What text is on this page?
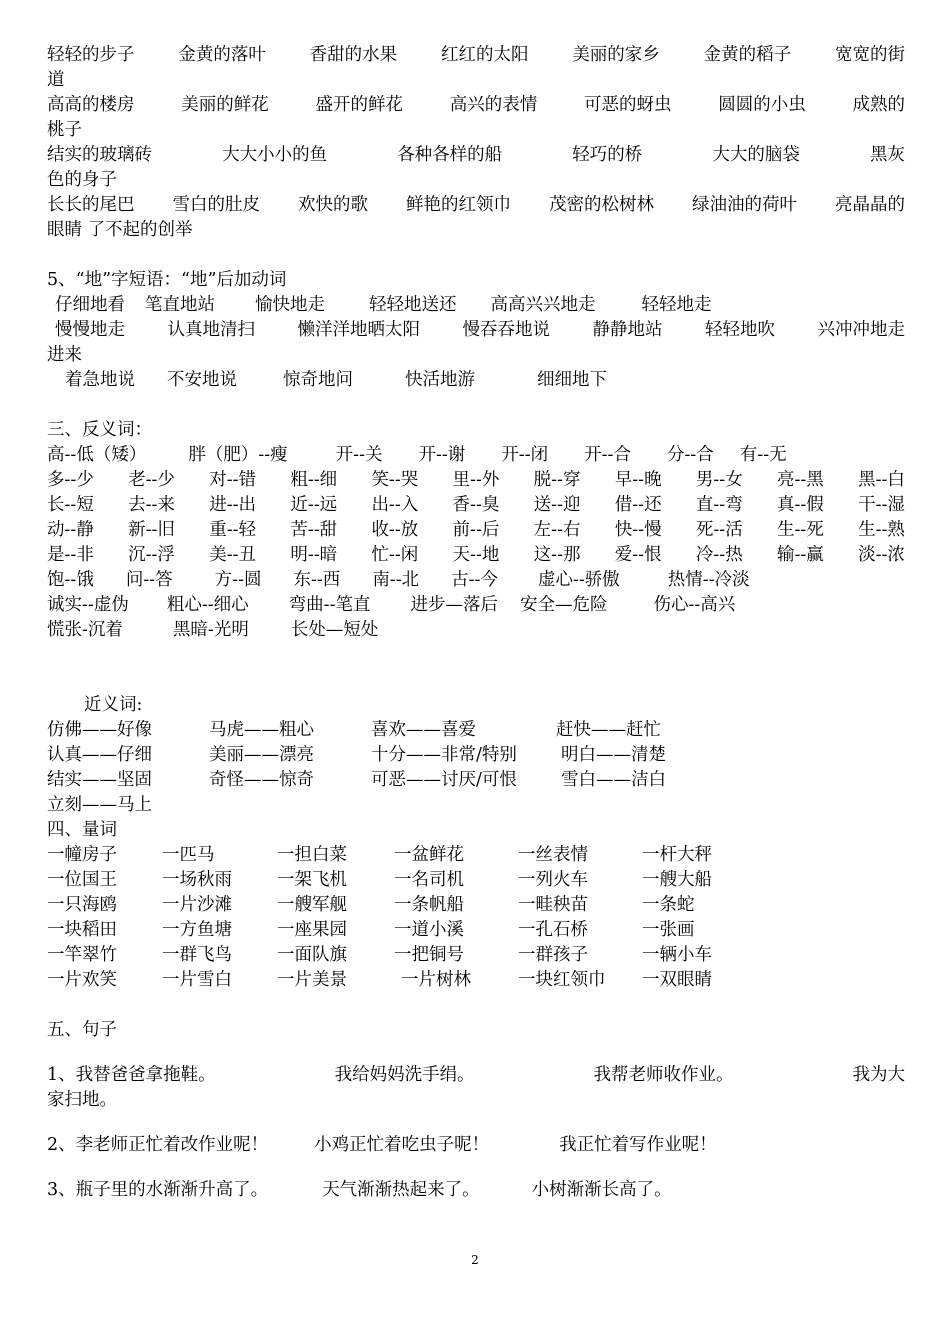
轻轻的步子	金黄的落叶	香甜的水果	红红的太阳	美丽的家乡	金黄的稻子	宽宽的街
道
高高的楼房	美丽的鲜花	盛开的鲜花	高兴的表情	可恶的蚜虫	圆圆的小虫	成熟的
桃子
结实的玻璃砖	大大小小的鱼	各种各样的船	轻巧的桥	大大的脑袋	黑灰
色的身子
长长的尾巴 雪白的肚皮 欢快的歌 鲜艳的红领巾 茂密的松树林 绿油油的荷叶 亮晶晶的
眼睛 了不起的创举
5、“地”字短语：“地”后加动词
仔细地看 笔直地站 愉快地走	轻轻地送还 高高兴兴地走	轻轻地走
慢慢地走 认真地清扫 懒洋洋地晒太阳 慢吞吞地说 静静地站 轻轻地吹 兴冲冲地走
进来
着急地说 不安地说	惊奇地问	快活地游	细细地下
三、反义词：
高--低（矮） 胖（肥）--瘦	开--关 开--谢 开--闭 开--合 分--合 有--无
多--少 老--少 对--错 粗--细 笑--哭 里--外 脱--穿 早--晚 男--女 亮--黑 黑--白
长--短 去--来 进--出 近--远 出--入 香--臭 送--迎 借--还 直--弯 真--假 干--湿
动--静 新--旧 重--轻 苦--甜 收--放 前--后 左--右 快--慢 死--活 生--死 生--熟
是--非 沉--浮 美--丑 明--暗 忙--闲 天--地 这--那 爱--恨 冷--热 输--赢 淡--浓
饱--饿 问--答 方--圆 东--西 南--北 古--今 虚心--骄傲	热情--冷淡
诚实--虚伪 粗心--细心 弯曲--笔直 进步—落后 安全—危险	伤心--高兴
慌张-沉着	黑暗-光明 长处—短处
近义词:
仿佛——好像	马虎——粗心	喜欢——喜爱	赶快——赶忙
认真——仔细	美丽——漂亮	十分——非常/特别	明白——清楚
结实——坚固	奇怪——惊奇	可恶——讨厌/可恨	雪白——洁白
立刻——马上
四、量词
一幢房子	一匹马	一担白菜	一盆鲜花	一丝表情	一杆大秤
一位国王	一场秋雨	一架飞机	一名司机	一列火车	一艘大船
一只海鸥	一片沙滩	一艘军舰	一条帆船	一畦秧苗	一条蛇
一块稻田	一方鱼塘	一座果园	一道小溪	一孔石桥	一张画
一竿翠竹	一群飞鸟	一面队旗	一把铜号	一群孩子	一辆小车
一片欢笑	一片雪白	一片美景	一片树林	一块红领巾	一双眼睛
五、句子
1、我替爸爸拿拖鞋。	我给妈妈洗手绢。	我帮老师收作业。	我为大
家扫地。
2、李老师正忙着改作业呢！	小鸡正忙着吃虫子呢！	我正忙着写作业呢！
3、瓶子里的水渐渐升高了。	天气渐渐热起来了。	小树渐渐长高了。
2
